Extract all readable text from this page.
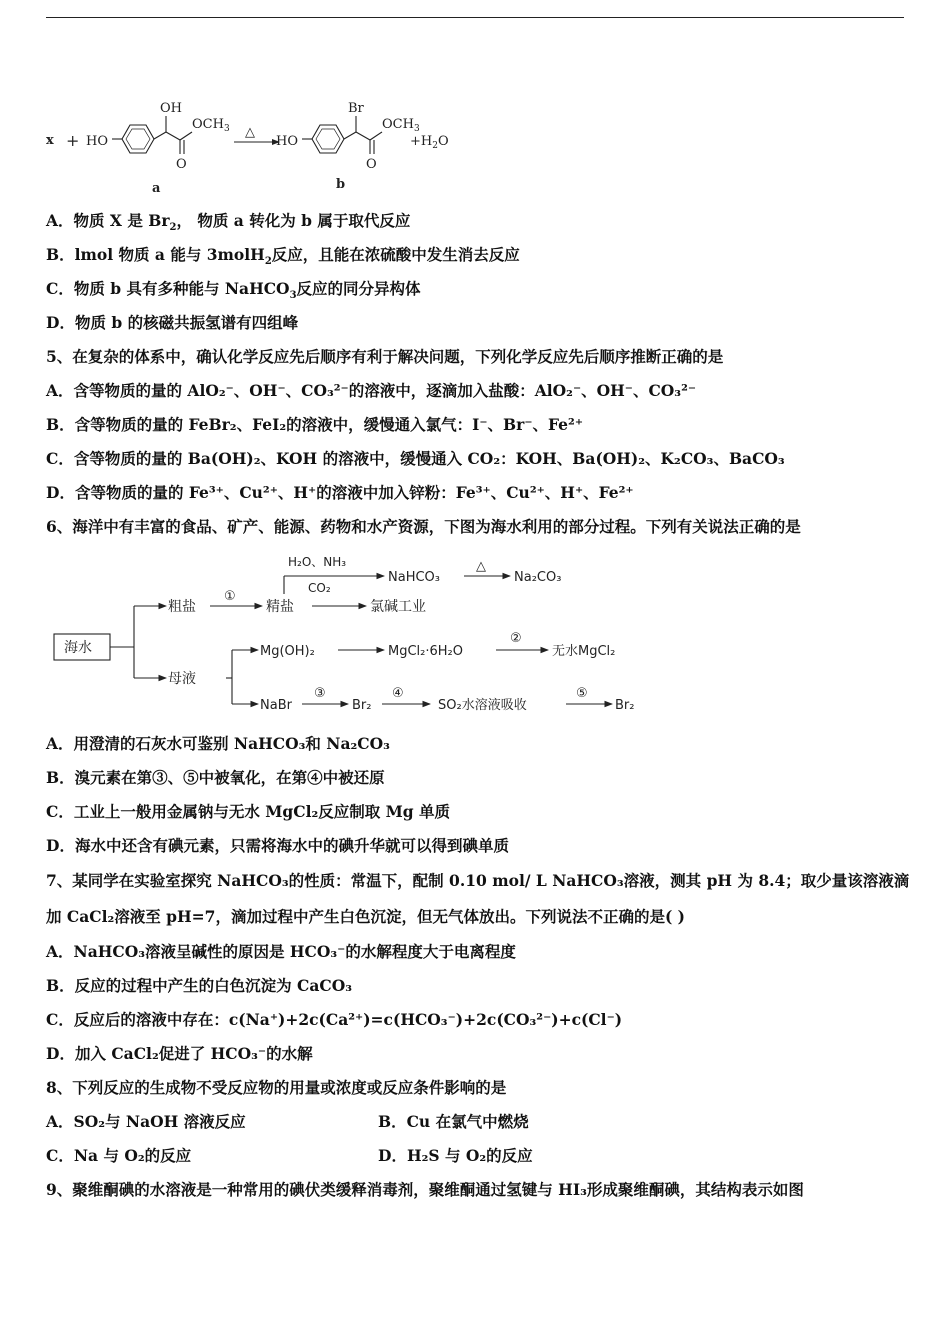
x + HO
OH
O
$OCH_3$
a
△
HO
Br
O
$OCH_3$
b
$+H_2O$
A．物质 X 是 $Br_2$， 物质 a 转化为 b 属于取代反应
B．lmol 物质 a 能与 3molH$_2$反应，且能在浓硫酸中发生消去反应
C．物质 b 具有多种能与 NaHCO$_3$反应的同分异构体
D．物质 b 的核磁共振氢谱有四组峰
5、在复杂的体系中，确认化学反应先后顺序有利于解决问题，下列化学反应先后顺序推断正确的是
A．含等物质的量的 AlO₂⁻、OH⁻、CO₃²⁻的溶液中，逐滴加入盐酸：AlO₂⁻、OH⁻、CO₃²⁻
B．含等物质的量的 FeBr₂、FeI₂的溶液中，缓慢通入氯气：I⁻、Br⁻、Fe²⁺
C．含等物质的量的 Ba(OH)₂、KOH 的溶液中，缓慢通入 CO₂：KOH、Ba(OH)₂、K₂CO₃、BaCO₃
D．含等物质的量的 Fe³⁺、Cu²⁺、H⁺的溶液中加入锌粉：Fe³⁺、Cu²⁺、H⁺、Fe²⁺
6、海洋中有丰富的食品、矿产、能源、药物和水产资源，下图为海水利用的部分过程。下列有关说法正确的是
海水
粗盐
母液
①
精盐
H₂O、NH₃
CO₂
NaHCO₃
△
Na₂CO₃
氯碱工业
Mg(OH)₂	MgCl₂·6H₂O
②
无水MgCl₂
NaBr
③
Br₂
④
SO₂水溶液吸收
⑤
Br₂
A．用澄清的石灰水可鉴别 NaHCO₃和 Na₂CO₃
B．溴元素在第③、⑤中被氧化，在第④中被还原
C．工业上一般用金属钠与无水 MgCl₂反应制取 Mg 单质
D．海水中还含有碘元素，只需将海水中的碘升华就可以得到碘单质
7、某同学在实验室探究 NaHCO₃的性质：常温下，配制 0.10 mol/ L NaHCO₃溶液，测其 pH 为 8.4；取少量该溶液滴
加 CaCl₂溶液至 pH=7，滴加过程中产生白色沉淀，但无气体放出。下列说法不正确的是( )
A．NaHCO₃溶液呈碱性的原因是 HCO₃⁻的水解程度大于电离程度
B．反应的过程中产生的白色沉淀为 CaCO₃
C．反应后的溶液中存在：c(Na⁺)+2c(Ca²⁺)=c(HCO₃⁻)+2c(CO₃²⁻)+c(Cl⁻)
D．加入 CaCl₂促进了 HCO₃⁻的水解
8、下列反应的生成物不受反应物的用量或浓度或反应条件影响的是
A．SO₂与 NaOH 溶液反应	B．Cu 在氯气中燃烧
C．Na 与 O₂的反应	D．H₂S 与 O₂的反应
9、聚维酮碘的水溶液是一种常用的碘伏类缓释消毒剂，聚维酮通过氢键与 HI₃形成聚维酮碘，其结构表示如图
